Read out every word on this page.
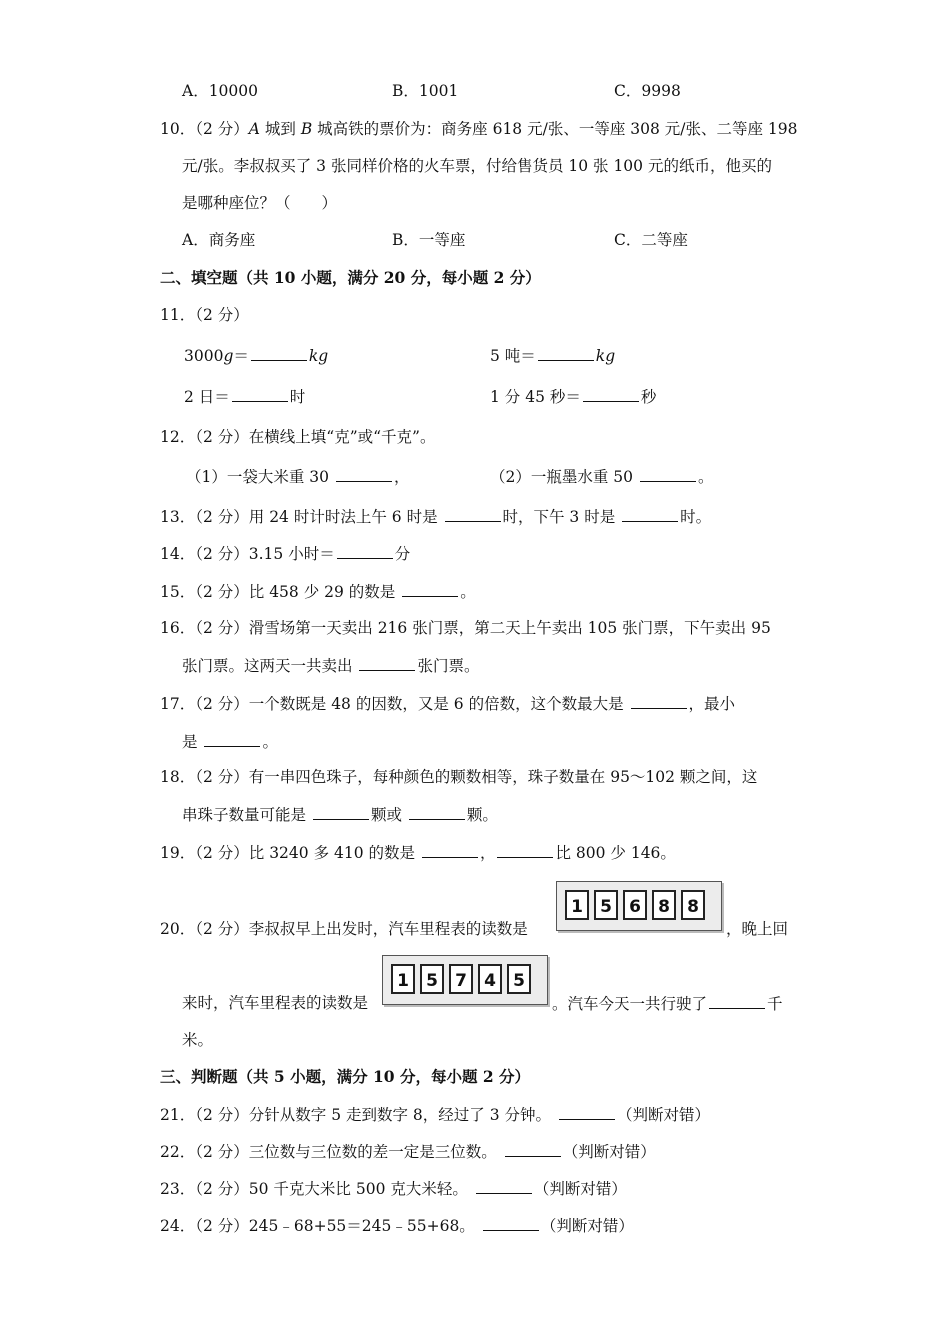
A．10000	B．1001	C．9998
10．（2 分）A 城到 B 城高铁的票价为：商务座 618 元/张、一等座 308 元/张、二等座 198
元/张。李叔叔买了 3 张同样价格的火车票，付给售货员 10 张 100 元的纸币，他买的
是哪种座位？（　　）
A．商务座	B．一等座	C．二等座
二、填空题（共 10 小题，满分 20 分，每小题 2 分）
11．（2 分）
3000g＝	kg	5 吨＝	kg
2 日＝	时	1 分 45 秒＝	秒
12．（2 分）在横线上填“克”或“千克”。
（1）一袋大米重 30	，	（2）一瓶墨水重 50	。
13．（2 分）用 24 时计时法上午 6 时是	时，下午 3 时是	时。
14．（2 分）3.15 小时＝	分
15．（2 分）比 458 少 29 的数是	。
16．（2 分）滑雪场第一天卖出 216 张门票，第二天上午卖出 105 张门票，下午卖出 95
张门票。这两天一共卖出	张门票。
17．（2 分）一个数既是 48 的因数，又是 6 的倍数，这个数最大是	，最小
是	。
18．（2 分）有一串四色珠子，每种颜色的颗数相等，珠子数量在 95～102 颗之间，这
串珠子数量可能是	颗或	颗。
19．（2 分）比 3240 多 410 的数是	，	比 800 少 146。
20．（2 分）李叔叔早上出发时，汽车里程表的读数是
1	5	6	8	8
，晚上回
来时，汽车里程表的读数是
1	5	7	4	5
。汽车今天一共行驶了	千
米。
三、判断题（共 5 小题，满分 10 分，每小题 2 分）
21．（2 分）分针从数字 5 走到数字 8，经过了 3 分钟。	（判断对错）
22．（2 分）三位数与三位数的差一定是三位数。	（判断对错）
23．（2 分）50 千克大米比 500 克大米轻。	（判断对错）
24．（2 分）245﹣68+55＝245﹣55+68。	（判断对错）
